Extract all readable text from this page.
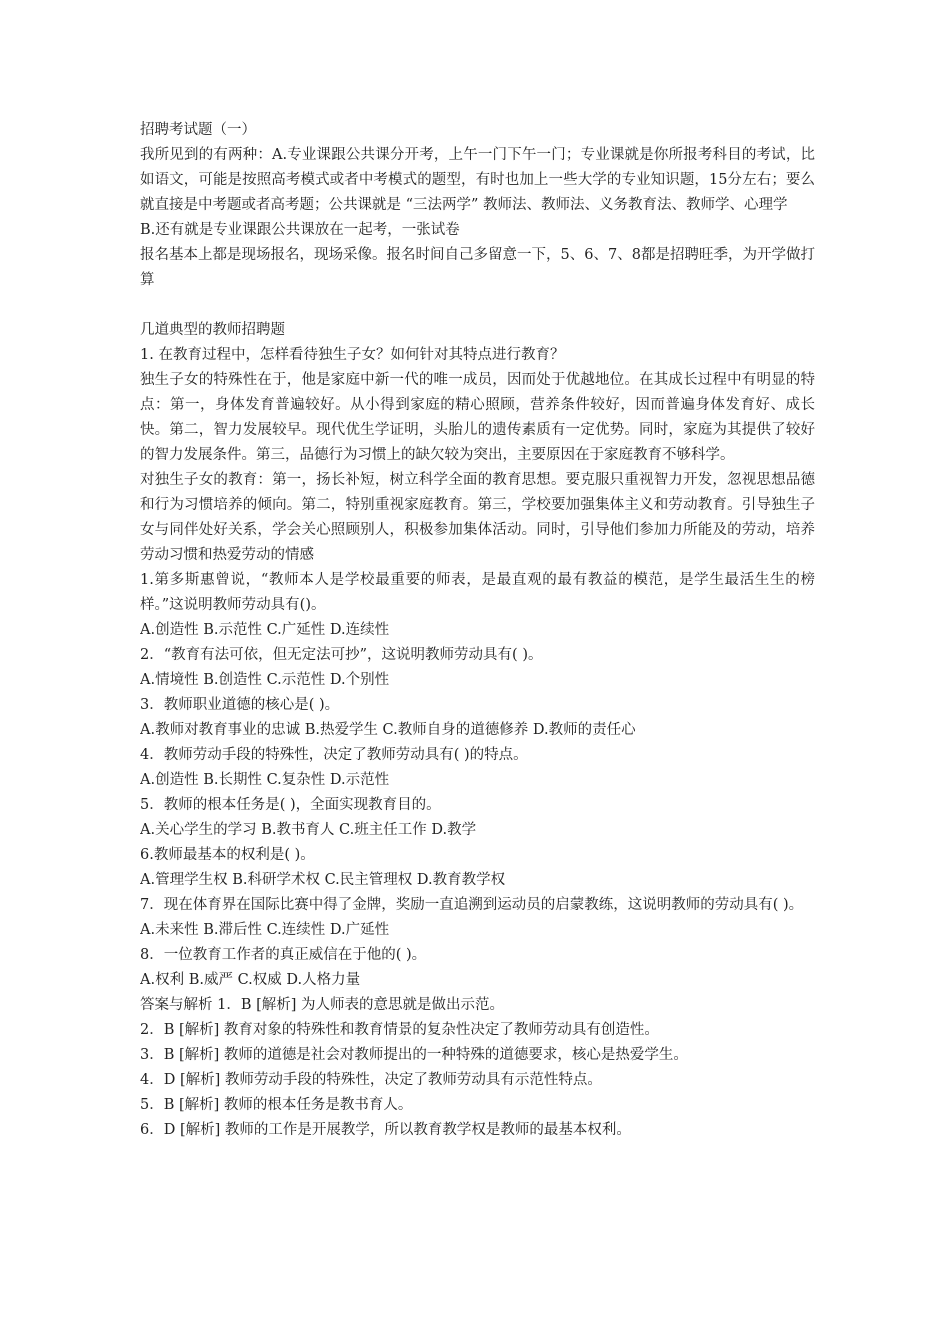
招聘考试题（一）

我所见到的有两种：A.专业课跟公共课分开考，上午一门下午一门；专业课就是你所报考科目的考试，比如语文，可能是按照高考模式或者中考模式的题型，有时也加上一些大学的专业知识题，15分左右；要么就直接是中考题或者高考题；公共课就是 “三法两学” 教师法、教师法、义务教育法、教师学、心理学

B.还有就是专业课跟公共课放在一起考，一张试卷

报名基本上都是现场报名，现场采像。报名时间自己多留意一下，5、6、7、8都是招聘旺季，为开学做打算

几道典型的教师招聘题

1. 在教育过程中，怎样看待独生子女？如何针对其特点进行教育？

独生子女的特殊性在于，他是家庭中新一代的唯一成员，因而处于优越地位。在其成长过程中有明显的特点：第一，身体发育普遍较好。从小得到家庭的精心照顾，营养条件较好，因而普遍身体发育好、成长快。第二，智力发展较早。现代优生学证明，头胎儿的遗传素质有一定优势。同时，家庭为其提供了较好的智力发展条件。第三，品德行为习惯上的缺欠较为突出，主要原因在于家庭教育不够科学。

对独生子女的教育：第一，扬长补短，树立科学全面的教育思想。要克服只重视智力开发，忽视思想品德和行为习惯培养的倾向。第二，特别重视家庭教育。第三，学校要加强集体主义和劳动教育。引导独生子女与同伴处好关系，学会关心照顾别人，积极参加集体活动。同时，引导他们参加力所能及的劳动，培养劳动习惯和热爱劳动的情感

1.第多斯惠曾说，“教师本人是学校最重要的师表，是最直观的最有教益的模范，是学生最活生生的榜样。”这说明教师劳动具有()。

A.创造性 B.示范性 C.广延性 D.连续性

2．“教育有法可依，但无定法可抄”，这说明教师劳动具有( )。

A.情境性 B.创造性 C.示范性 D.个别性

3．教师职业道德的核心是( )。

A.教师对教育事业的忠诚 B.热爱学生 C.教师自身的道德修养 D.教师的责任心

4．教师劳动手段的特殊性，决定了教师劳动具有( )的特点。

A.创造性 B.长期性 C.复杂性 D.示范性

5．教师的根本任务是( )，全面实现教育目的。

A.关心学生的学习 B.教书育人 C.班主任工作 D.教学

6.教师最基本的权利是( )。

A.管理学生权 B.科研学术权 C.民主管理权 D.教育教学权

7．现在体育界在国际比赛中得了金牌，奖励一直追溯到运动员的启蒙教练，这说明教师的劳动具有( )。

A.未来性 B.滞后性 C.连续性 D.广延性

8．一位教育工作者的真正威信在于他的( )。

A.权利 B.威严 C.权威 D.人格力量

答案与解析 1．B [解析] 为人师表的意思就是做出示范。

2．B [解析] 教育对象的特殊性和教育情景的复杂性决定了教师劳动具有创造性。

3．B [解析] 教师的道德是社会对教师提出的一种特殊的道德要求，核心是热爱学生。

4．D [解析] 教师劳动手段的特殊性，决定了教师劳动具有示范性特点。

5．B [解析] 教师的根本任务是教书育人。

6．D [解析] 教师的工作是开展教学，所以教育教学权是教师的最基本权利。
